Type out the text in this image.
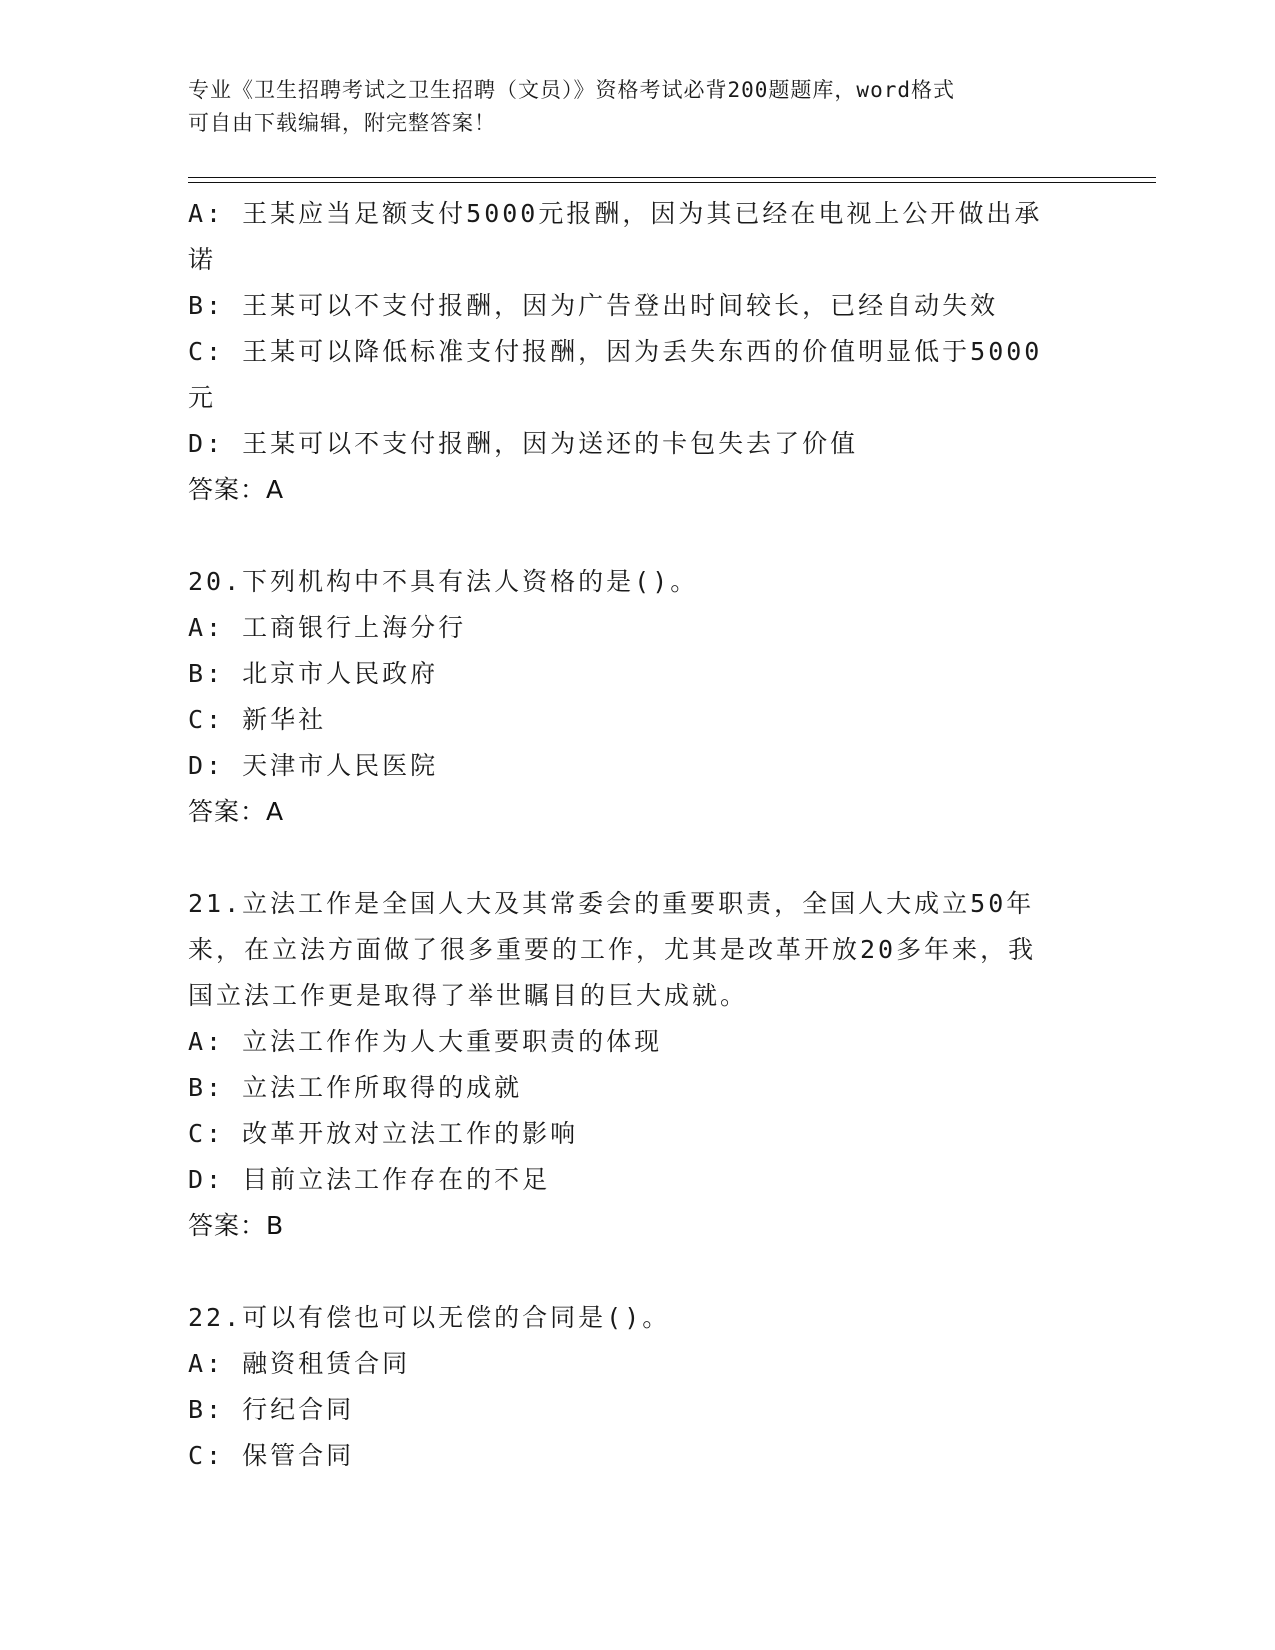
专业《卫生招聘考试之卫生招聘（文员）》资格考试必背200题题库，word格式
可自由下载编辑，附完整答案！
A: 王某应当足额支付5000元报酬，因为其已经在电视上公开做出承
诺
B: 王某可以不支付报酬，因为广告登出时间较长，已经自动失效
C: 王某可以降低标准支付报酬，因为丢失东西的价值明显低于5000
元
D: 王某可以不支付报酬，因为送还的卡包失去了价值
答案：A
20.下列机构中不具有法人资格的是()。
A: 工商银行上海分行
B: 北京市人民政府
C: 新华社
D: 天津市人民医院
答案：A
21.立法工作是全国人大及其常委会的重要职责，全国人大成立50年
来，在立法方面做了很多重要的工作，尤其是改革开放20多年来，我
国立法工作更是取得了举世瞩目的巨大成就。
A: 立法工作作为人大重要职责的体现
B: 立法工作所取得的成就
C: 改革开放对立法工作的影响
D: 目前立法工作存在的不足
答案：B
22.可以有偿也可以无偿的合同是()。
A: 融资租赁合同
B: 行纪合同
C: 保管合同
